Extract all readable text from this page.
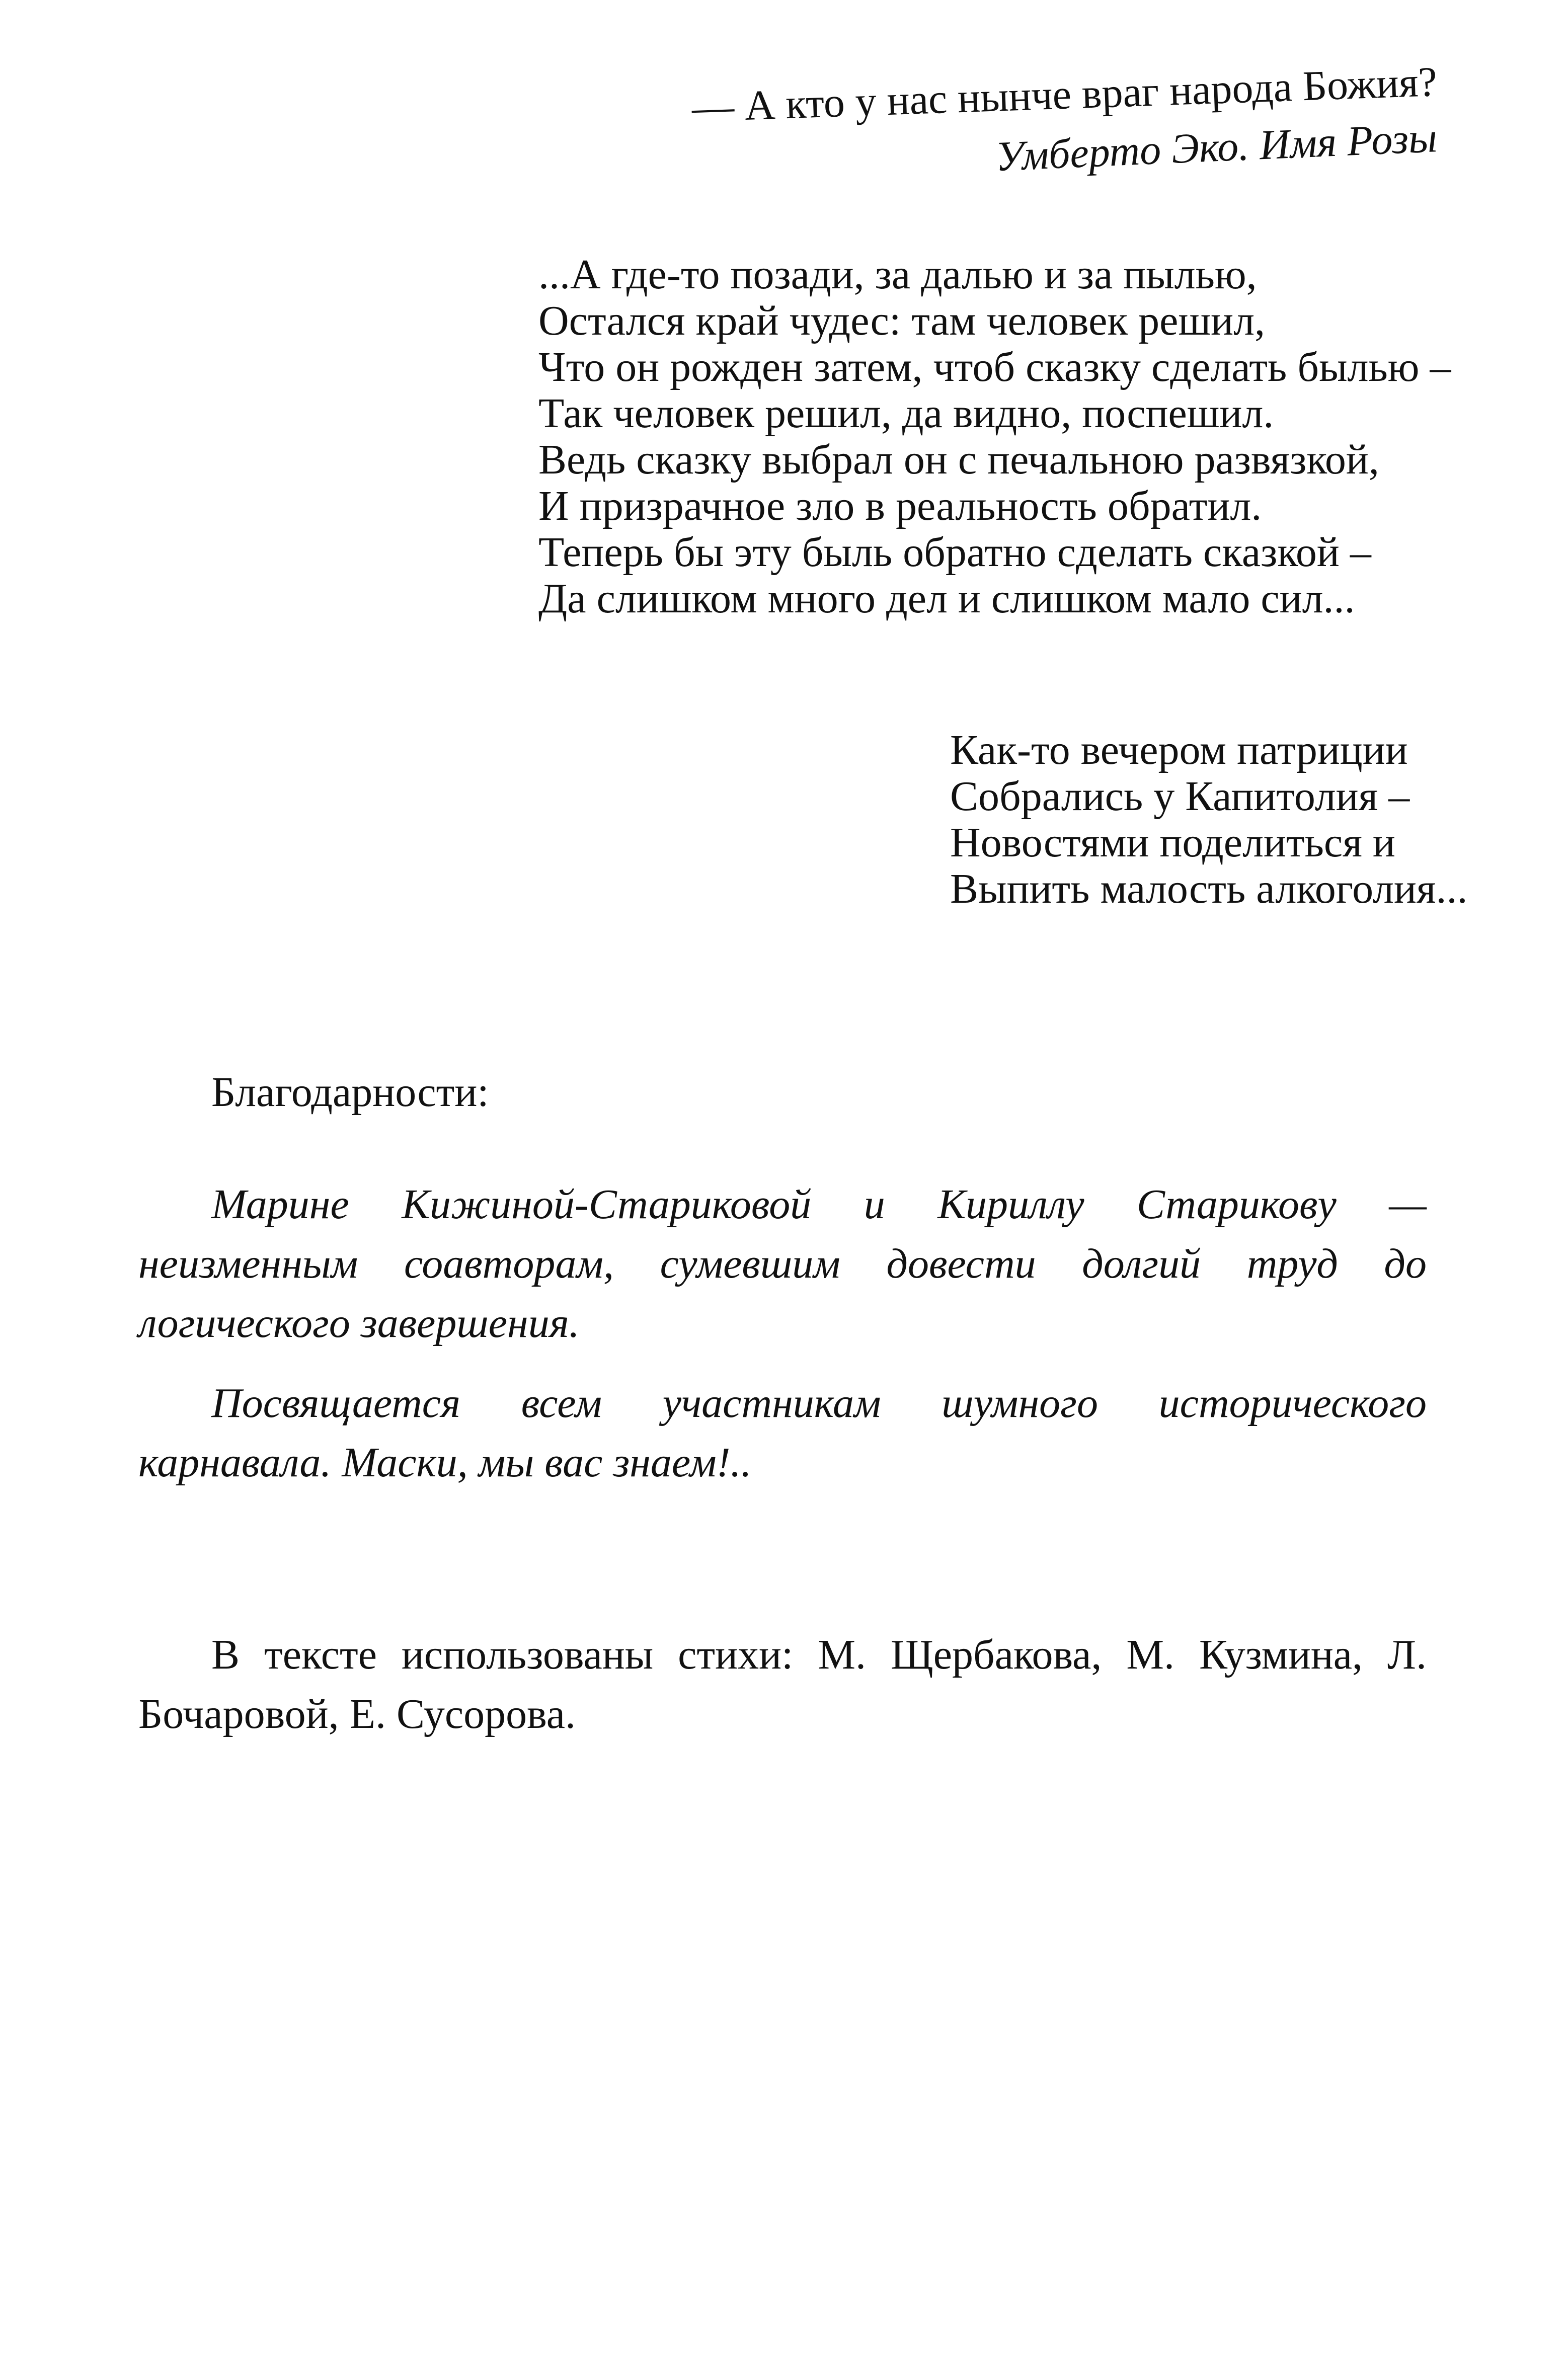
— А кто у нас нынче враг народа Божия?
Умберто Эко. Имя Розы
...А где-то позади, за далью и за пылью,
Остался край чудес: там человек решил,
Что он рожден затем, чтоб сказку сделать былью –
Так человек решил, да видно, поспешил.
Ведь сказку выбрал он с печальною развязкой,
И призрачное зло в реальность обратил.
Теперь бы эту быль обратно сделать сказкой –
Да слишком много дел и слишком мало сил...
Как-то вечером патриции
Собрались у Капитолия –
Новостями поделиться и
Выпить малость алкоголия...
Благодарности:

Марине Кижиной-Стариковой и Кириллу Старикову — неизменным соавторам, сумевшим довести долгий труд до логического завершения.

Посвящается всем участникам шумного исторического карнавала. Маски, мы вас знаем!..

В тексте использованы стихи: М. Щербакова, М. Кузмина, Л. Бочаровой, Е. Сусорова.
